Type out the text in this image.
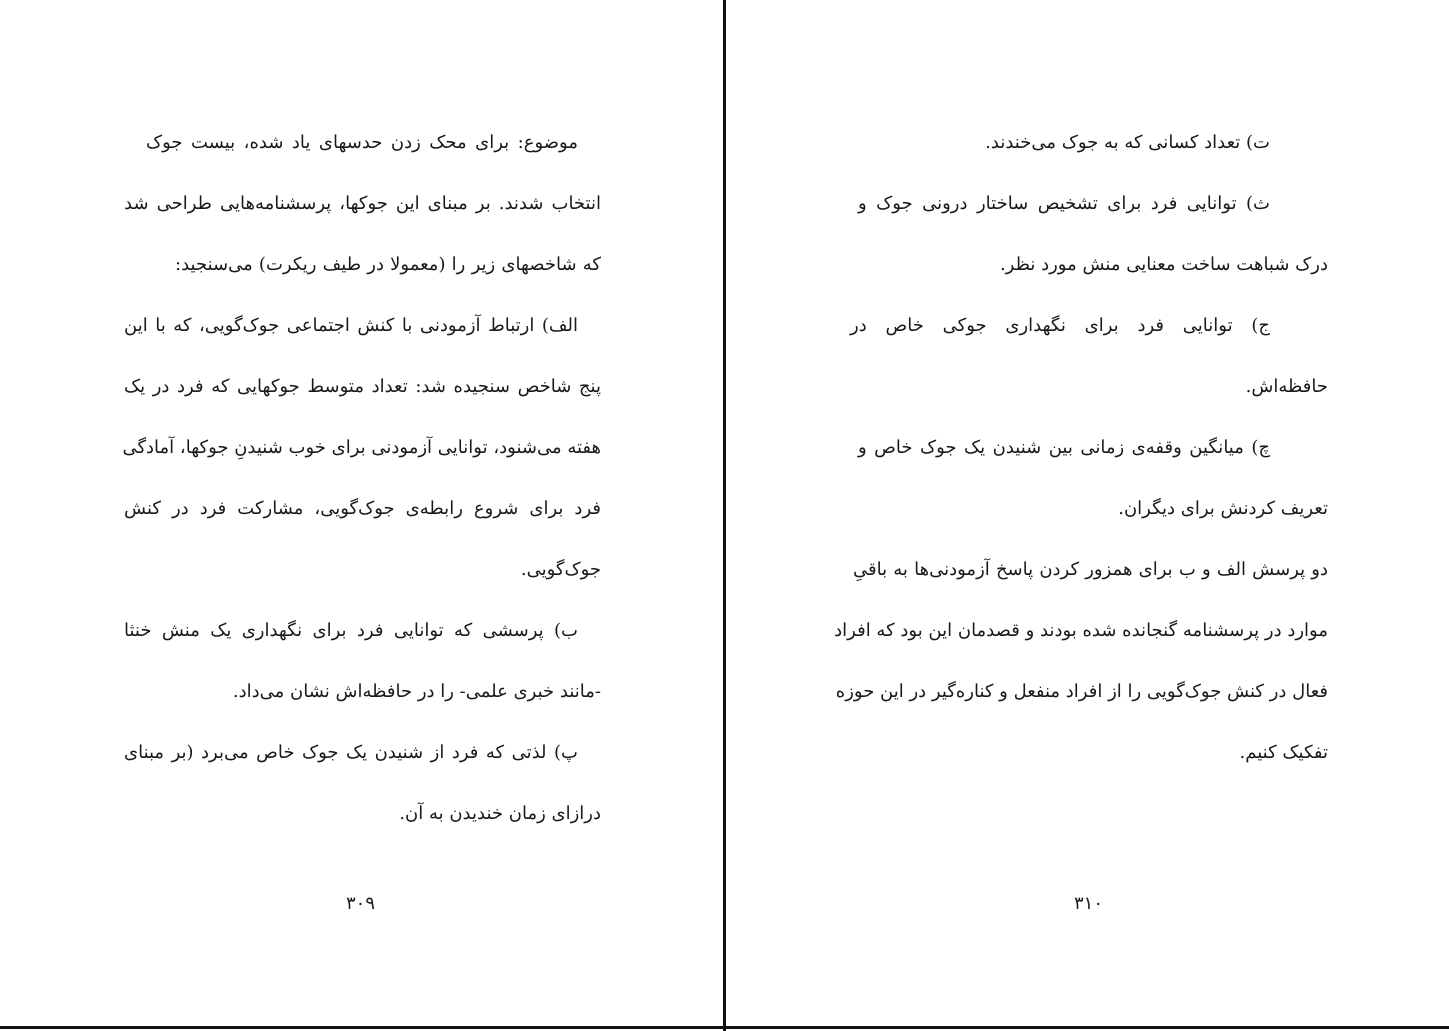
موضوع: برای محک زدن حدسهای یاد شده، بیست جوک
انتخاب شدند. بر مبنای این جوکها، پرسشنامه‌هایی طراحی شد
که شاخصهای زیر را (معمولا در طیف ریکرت) می‌سنجید:
الف) ارتباط آزمودنی با کنش اجتماعی جوک‌گویی، که با این
پنج شاخص سنجیده شد: تعداد متوسط جوکهایی که فرد در یک
هفته می‌شنود، توانایی آزمودنی برای خوب شنیدنِ جوکها، آمادگی
فرد برای شروع رابطه‌ی جوک‌گویی، مشارکت فرد در کنش
جوک‌گویی.
ب) پرسشی که توانایی فرد برای نگهداری یک منش خنثا
-مانند خبری علمی- را در حافظه‌اش نشان می‌داد.
پ) لذتی که فرد از شنیدن یک جوک خاص می‌برد (بر مبنای
درازای زمان خندیدن به آن.
۳۰۹
ت) تعداد کسانی که به جوک می‌خندند.
ث) توانایی فرد برای تشخیص ساختار درونی جوک و
درک شباهت ساخت معنایی منش مورد نظر.
ج) توانایی فرد برای نگهداری جوکی خاص در
حافظه‌اش.
چ) میانگین وقفه‌ی زمانی بین شنیدن یک جوک خاص و
تعریف کردنش برای دیگران.
دو پرسش الف و ب برای همزور کردن پاسخ آزمودنی‌ها به باقیِ
موارد در پرسشنامه گنجانده شده بودند و قصدمان این بود که افراد
فعال در کنش جوک‌گویی را از افراد منفعل و کناره‌گیر در این حوزه
تفکیک کنیم.
۳۱۰
